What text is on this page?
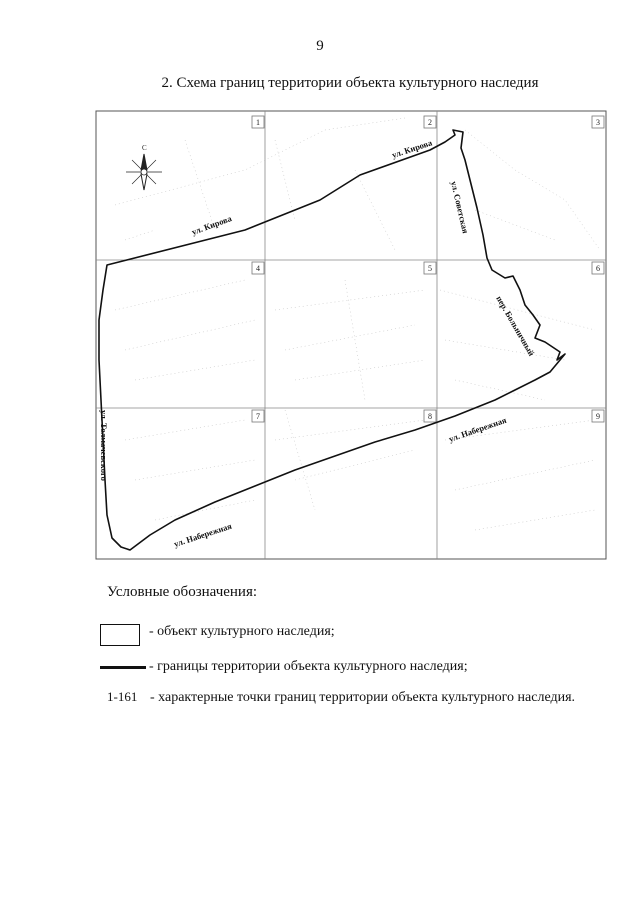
9
2. Схема границ территории объекта культурного наследия
1	2	3
4	5	6
7	8	9
С
ул. Кирова
ул. Кирова
ул. Советская
пер. Больничный
ул. Набережная
ул. Набережная
ул. Толмачевского
Условные обозначения:
- объект культурного наследия;
- границы территории объекта культурного наследия;
1-161 - характерные точки границ территории объекта культурного наследия.
